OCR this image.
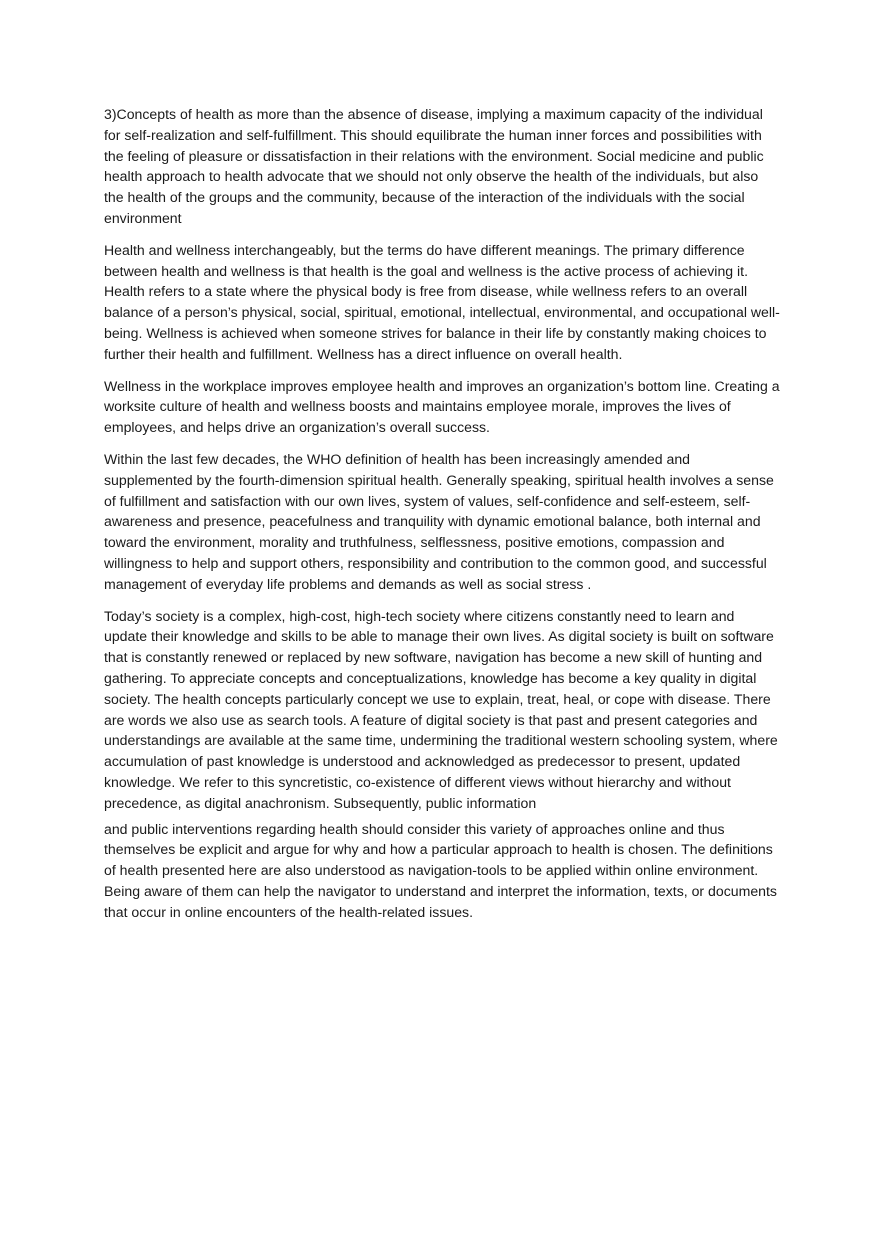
3)Concepts of health as more than the absence of disease, implying a maximum capacity of the individual for self-realization and self-fulfillment. This should equilibrate the human inner forces and possibilities with the feeling of pleasure or dissatisfaction in their relations with the environment. Social medicine and public health approach to health advocate that we should not only observe the health of the individuals, but also the health of the groups and the community, because of the interaction of the individuals with the social environment

Health and wellness interchangeably, but the terms do have different meanings. The primary difference between health and wellness is that health is the goal and wellness is the active process of achieving it. Health refers to a state where the physical body is free from disease, while wellness refers to an overall balance of a person’s physical, social, spiritual, emotional, intellectual, environmental, and occupational well-being. Wellness is achieved when someone strives for balance in their life by constantly making choices to further their health and fulfillment. Wellness has a direct influence on overall health.

Wellness in the workplace improves employee health and improves an organization’s bottom line. Creating a worksite culture of health and wellness boosts and maintains employee morale, improves the lives of employees, and helps drive an organization’s overall success.

Within the last few decades, the WHO definition of health has been increasingly amended and supplemented by the fourth-dimension spiritual health. Generally speaking, spiritual health involves a sense of fulfillment and satisfaction with our own lives, system of values, self-confidence and self-esteem, self-awareness and presence, peacefulness and tranquility with dynamic emotional balance, both internal and toward the environment, morality and truthfulness, selflessness, positive emotions, compassion and willingness to help and support others, responsibility and contribution to the common good, and successful management of everyday life problems and demands as well as social stress .

Today’s society is a complex, high-cost, high-tech society where citizens constantly need to learn and update their knowledge and skills to be able to manage their own lives. As digital society is built on software that is constantly renewed or replaced by new software, navigation has become a new skill of hunting and gathering. To appreciate concepts and conceptualizations, knowledge has become a key quality in digital society. The health concepts particularly concept we use to explain, treat, heal, or cope with disease. There are words we also use as search tools. A feature of digital society is that past and present categories and understandings are available at the same time, undermining the traditional western schooling system, where accumulation of past knowledge is understood and acknowledged as predecessor to present, updated knowledge. We refer to this syncretistic, co-existence of different views without hierarchy and without precedence, as digital anachronism. Subsequently, public information

and public interventions regarding health should consider this variety of approaches online and thus themselves be explicit and argue for why and how a particular approach to health is chosen. The definitions of health presented here are also understood as navigation-tools to be applied within online environment. Being aware of them can help the navigator to understand and interpret the information, texts, or documents that occur in online encounters of the health-related issues.
